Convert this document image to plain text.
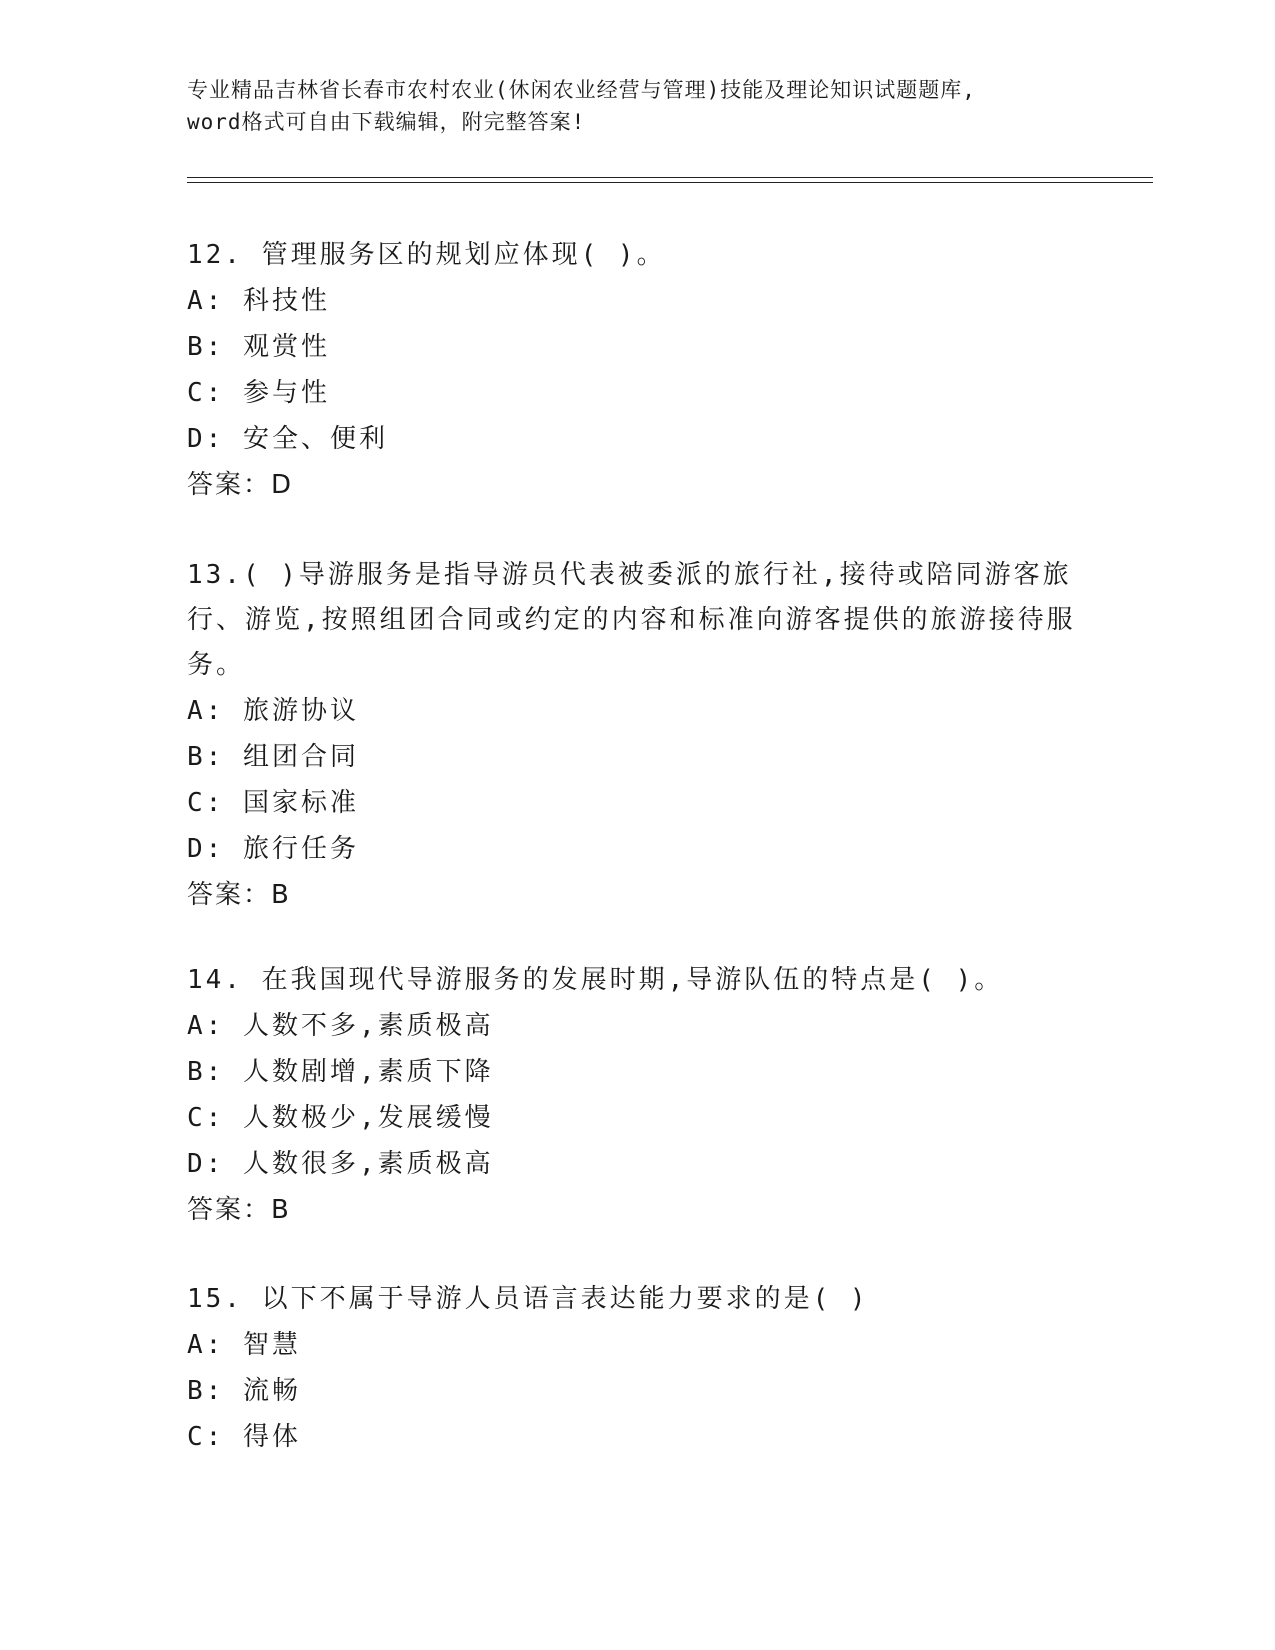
专业精品吉林省长春市农村农业(休闲农业经营与管理)技能及理论知识试题题库,
word格式可自由下载编辑，附完整答案!

12. 管理服务区的规划应体现( )。

A: 科技性

B: 观赏性

C: 参与性

D: 安全、便利

答案：D

13.( )导游服务是指导游员代表被委派的旅行社,接待或陪同游客旅行、游览,按照组团合同或约定的内容和标准向游客提供的旅游接待服务。

A: 旅游协议

B: 组团合同

C: 国家标准

D: 旅行任务

答案：B

14. 在我国现代导游服务的发展时期,导游队伍的特点是( )。

A: 人数不多,素质极高

B: 人数剧增,素质下降

C: 人数极少,发展缓慢

D: 人数很多,素质极高

答案：B

15. 以下不属于导游人员语言表达能力要求的是( )

A: 智慧

B: 流畅

C: 得体
